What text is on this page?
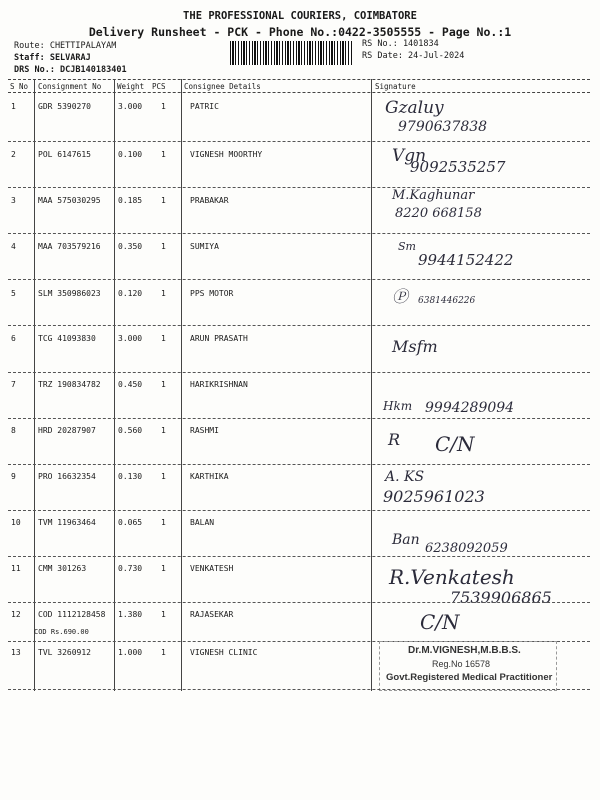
THE PROFESSIONAL COURIERS, COIMBATORE
Delivery Runsheet - PCK - Phone No.:0422-3505555 - Page No.:1
Route: CHETTIPALAYAM
Staff: SELVARAJ
DRS No.: DCJB140183401
RS No.: 1401834
RS Date: 24-Jul-2024
S No Consignment No Weight PCS Consignee Details	Signature
1	GDR 5390270	3.000 1	PATRIC	Gzaluy
9790637838
2	POL 6147615	0.100 1	VIGNESH MOORTHY	Vgn
9092535257
3	MAA 575030295 0.185 1	PRABAKAR	M.Kaghunar
8220 668158
4	MAA 703579216 0.350 1	SUMIYA	Sm
9944152422
5	SLM 350986023 0.120 1	PPS MOTOR	Ⓟ 6381446226
6	TCG 41093830	3.000 1	ARUN PRASATH	Msfm
7	TRZ 190834782 0.450 1	HARIKRISHNAN
Hkm 9994289094
8	HRD 20287907	0.560 1	RASHMI	R C/N
9	PRO 16632354	0.130 1	KARTHIKA	A. KS
9025961023
10 TVM 11963464	0.065 1	BALAN
Ban
6238092059
11 CMM 301263	0.730 1	VENKATESH	R.Venkatesh
7539906865
12 COD 1112128458 1.380 1	RAJASEKAR
COD Rs.690.00	C/N
13 TVL 3260912	1.000 1	VIGNESH CLINIC	Dr.M.VIGNESH,M.B.B.S.
Reg.No 16578
Govt.Registered Medical Practitioner
